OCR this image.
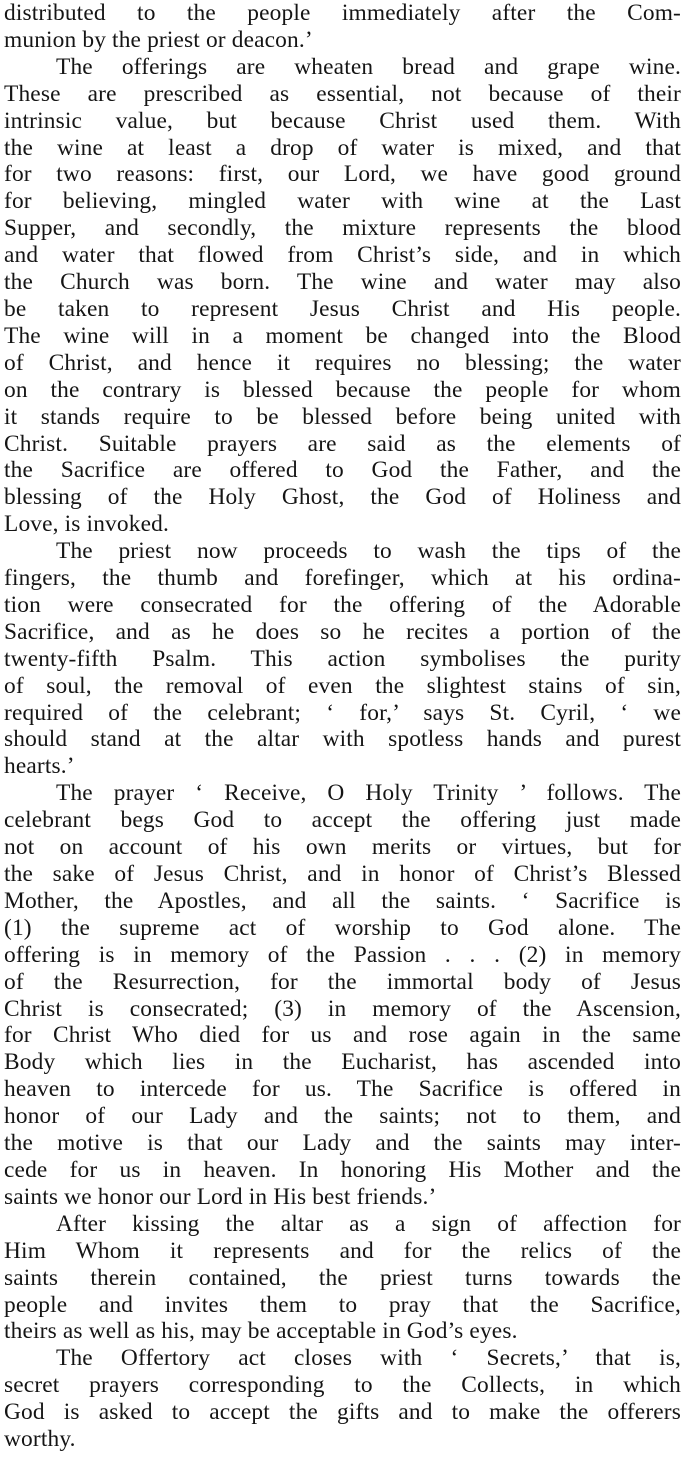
distributed to the people immediately after the Com-
munion by the priest or deacon.’
The offerings are wheaten bread and grape wine.
These are prescribed as essential, not because of their
intrinsic value, but because Christ used them. With
the wine at least a drop of water is mixed, and that
for two reasons: first, our Lord, we have good ground
for believing, mingled water with wine at the Last
Supper, and secondly, the mixture represents the blood
and water that flowed from Christ’s side, and in which
the Church was born. The wine and water may also
be taken to represent Jesus Christ and His people.
The wine will in a moment be changed into the Blood
of Christ, and hence it requires no blessing; the water
on the contrary is blessed because the people for whom
it stands require to be blessed before being united with
Christ. Suitable prayers are said as the elements of
the Sacrifice are offered to God the Father, and the
blessing of the Holy Ghost, the God of Holiness and
Love, is invoked.
The priest now proceeds to wash the tips of the
fingers, the thumb and forefinger, which at his ordina-
tion were consecrated for the offering of the Adorable
Sacrifice, and as he does so he recites a portion of the
twenty-fifth Psalm. This action symbolises the purity
of soul, the removal of even the slightest stains of sin,
required of the celebrant; ‘ for,’ says St. Cyril, ‘ we
should stand at the altar with spotless hands and purest
hearts.’
The prayer ‘ Receive, O Holy Trinity ’ follows. The
celebrant begs God to accept the offering just made
not on account of his own merits or virtues, but for
the sake of Jesus Christ, and in honor of Christ’s Blessed
Mother, the Apostles, and all the saints. ‘ Sacrifice is
(1) the supreme act of worship to God alone. The
offering is in memory of the Passion . . . (2) in memory
of the Resurrection, for the immortal body of Jesus
Christ is consecrated; (3) in memory of the Ascension,
for Christ Who died for us and rose again in the same
Body which lies in the Eucharist, has ascended into
heaven to intercede for us. The Sacrifice is offered in
honor of our Lady and the saints; not to them, and
the motive is that our Lady and the saints may inter-
cede for us in heaven. In honoring His Mother and the
saints we honor our Lord in His best friends.’
After kissing the altar as a sign of affection for
Him Whom it represents and for the relics of the
saints therein contained, the priest turns towards the
people and invites them to pray that the Sacrifice,
theirs as well as his, may be acceptable in God’s eyes.
The Offertory act closes with ‘ Secrets,’ that is,
secret prayers corresponding to the Collects, in which
God is asked to accept the gifts and to make the offerers
worthy.
